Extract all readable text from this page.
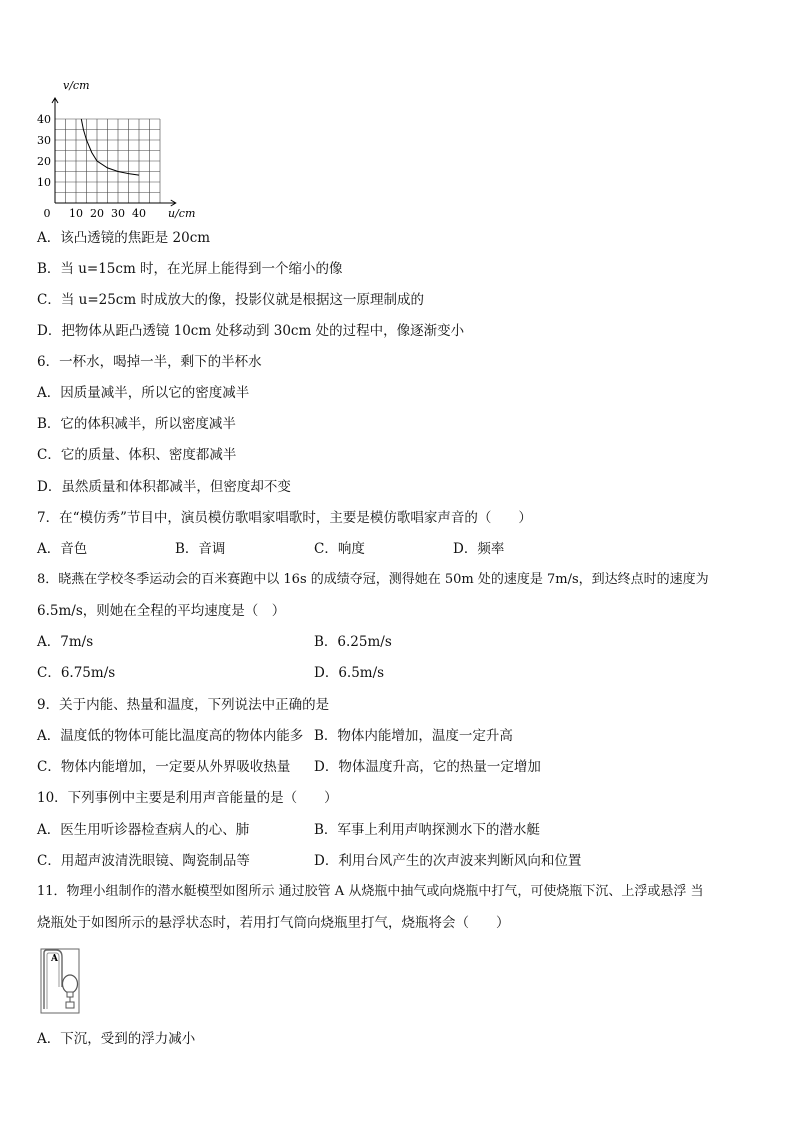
0 10 20 30 40
10
20
30
40
v/cm
u/cm
A．该凸透镜的焦距是 20cm
B．当 u=15cm 时，在光屏上能得到一个缩小的像
C．当 u=25cm 时成放大的像，投影仪就是根据这一原理制成的
D．把物体从距凸透镜 10cm 处移动到 30cm 处的过程中，像逐渐变小
6．一杯水，喝掉一半，剩下的半杯水
A．因质量减半，所以它的密度减半
B．它的体积减半，所以密度减半
C．它的质量、体积、密度都减半
D．虽然质量和体积都减半，但密度却不变
7．在“模仿秀”节目中，演员模仿歌唱家唱歌时，主要是模仿歌唱家声音的（　　）
A．音色	B．音调	C．响度	D．频率
8．晓燕在学校冬季运动会的百米赛跑中以 16s 的成绩夺冠，测得她在 50m 处的速度是 7m/s，到达终点时的速度为
6.5m/s，则她在全程的平均速度是（　）
A．7m/s	B．6.25m/s
C．6.75m/s	D．6.5m/s
9．关于内能、热量和温度，下列说法中正确的是
A．温度低的物体可能比温度高的物体内能多 B．物体内能增加，温度一定升高
C．物体内能增加，一定要从外界吸收热量 D．物体温度升高，它的热量一定增加
10．下列事例中主要是利用声音能量的是（　　）
A．医生用听诊器检查病人的心、肺	B．军事上利用声呐探测水下的潜水艇
C．用超声波清洗眼镜、陶瓷制品等	D．利用台风产生的次声波来判断风向和位置
11．物理小组制作的潜水艇模型如图所示 通过胶管 A 从烧瓶中抽气或向烧瓶中打气，可使烧瓶下沉、上浮或悬浮 当
烧瓶处于如图所示的悬浮状态时，若用打气筒向烧瓶里打气，烧瓶将会（　　）
A
A．下沉，受到的浮力减小
